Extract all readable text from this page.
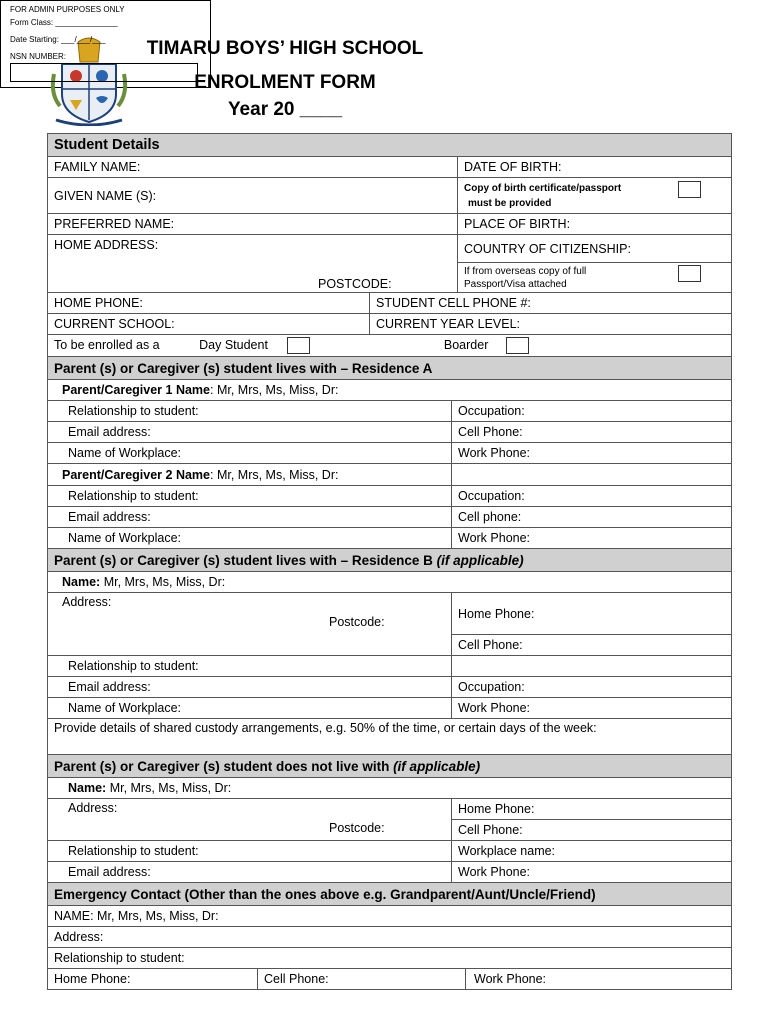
TIMARU BOYS’ HIGH SCHOOL
ENROLMENT FORM
Year 20 ____
FOR ADMIN PURPOSES ONLY
Form Class: ______________
Date Starting: ___/___/___
NSN NUMBER:
Student Details			
FAMILY NAME:			DATE OF BIRTH:
GIVEN NAME (S):			Copy of birth certificate/passport
must be provided

PREFERRED NAME:			PLACE OF BIRTH:

HOME ADDRESS:
POSTCODE:			COUNTRY OF CITIZENSHIP:

			If from overseas copy of full Passport/Visa attached

HOME PHONE:	STUDENT CELL PHONE #:		
CURRENT SCHOOL:	CURRENT YEAR LEVEL:		
To be enrolled as a Day Student Boarder			
Parent (s) or Caregiver (s) student lives with – Residence A			
Parent/Caregiver 1 Name: Mr, Mrs, Ms, Miss, Dr:			
Relationship to student:		Occupation:	
Email address:		Cell Phone:	
Name of Workplace:		Work Phone:	
Parent/Caregiver 2 Name: Mr, Mrs, Ms, Miss, Dr:			
Relationship to student:		Occupation:	
Email address:		Cell phone:	
Name of Workplace:		Work Phone:	
Parent (s) or Caregiver (s) student lives with – Residence B (if applicable)			
Name: Mr, Mrs, Ms, Miss, Dr:			

Address:
Postcode:		Home Phone:	
		Cell Phone:	
Relationship to student:			
Email address:		Occupation:	
Name of Workplace:		Work Phone:	
Provide details of shared custody arrangements, e.g. 50% of the time, or certain days of the week:			
Parent (s) or Caregiver (s) student does not live with (if applicable)			
Name: Mr, Mrs, Ms, Miss, Dr:			

Address:
Postcode:		Home Phone:	
		Cell Phone:	
Relationship to student:		Workplace name:	
Email address:		Work Phone:	
Emergency Contact (Other than the ones above e.g. Grandparent/Aunt/Uncle/Friend)			
NAME: Mr, Mrs, Ms, Miss, Dr:			
Address:			
Relationship to student:			

Home Phone: Cell Phone: Work Phone:			
